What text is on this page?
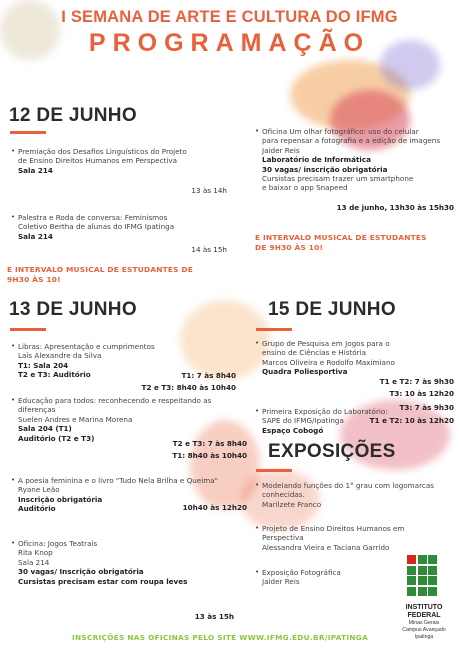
I SEMANA DE ARTE E CULTURA DO IFMG
PROGRAMAÇÃO
12 DE JUNHO
• Premiação dos Desafios Linguísticos do Projeto
de Ensino Direitos Humanos em Perspectiva
Sala 214
13 às 14h
• Palestra e Roda de conversa: Feminismos
Coletivo Bertha de alunas do IFMG Ipatinga
Sala 214
14 às 15h
E INTERVALO MUSICAL DE ESTUDANTES DE
9H30 ÀS 10!
• Oficina Um olhar fotográfico: uso do celular
para repensar a fotografia e a edição de imagens
Jaider Reis
Laboratório de Informática
30 vagas/ inscrição obrigatória
Cursistas precisam trazer um smartphone
e baixar o app Snapeed
13 de junho, 13h30 às 15h30
E INTERVALO MUSICAL DE ESTUDANTES
DE 9H30 ÀS 10!
13 DE JUNHO
• Libras: Apresentação e cumprimentos
Laís Alexandre da Silva
T1: Sala 204
T2 e T3: Auditório	T1: 7 às 8h40
T2 e T3: 8h40 às 10h40
• Educação para todos: reconhecendo e respeitando as
diferenças
Suelen Andres e Marina Morena
Sala 204 (T1)
Auditório (T2 e T3)
T2 e T3: 7 às 8h40
T1: 8h40 às 10h40
• A poesia feminina e o livro "Tudo Nela Brilha e Queima"
Ryane Leão
Inscrição obrigatória
Auditório	10h40 às 12h20
• Oficina: Jogos Teatrais
Rita Knop
Sala 214
30 vagas/ Inscrição obrigatória
Cursistas precisam estar com roupa leves
13 às 15h
15 DE JUNHO
• Grupo de Pesquisa em Jogos para o
ensino de Ciências e História
Marcos Oliveira e Rodolfo Maximiano
Quadra Poliesportiva
T1 e T2: 7 às 9h30
T3: 10 às 12h20
• Primeira Exposição do Laboratório:
SAPE do IFMG/Ipatinga
Espaço Cobogó
T3: 7 às 9h30
T1 e T2: 10 às 12h20
EXPOSIÇÕES
• Modelando funções do 1° grau com logomarcas
conhecidas.
Marilzete Franco
• Projeto de Ensino Direitos Humanos em
Perspectiva
Alessandra Vieira e Taciana Garrido
• Exposição Fotográfica
Jaider Reis
INSTITUTO
FEDERAL
Minas Gerais
Campus Avançado
Ipatinga
INSCRIÇÕES NAS OFICINAS PELO SITE WWW.IFMG.EDU.BR/IPATINGA
